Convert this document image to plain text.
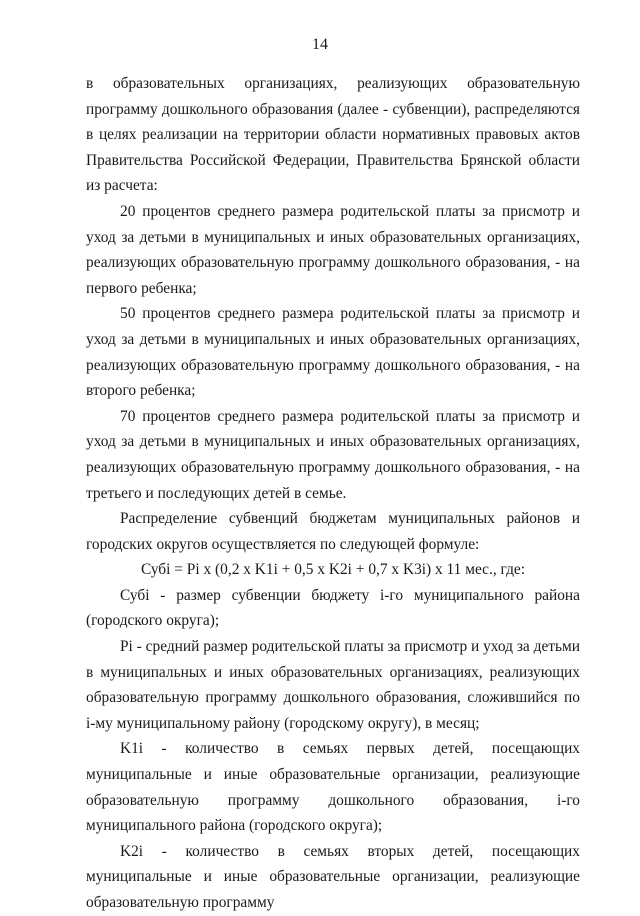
14

в образовательных организациях, реализующих образовательную программу дошкольного образования (далее - субвенции), распределяются в целях реализации на территории области нормативных правовых актов Правительства Российской Федерации, Правительства Брянской области из расчета:

20 процентов среднего размера родительской платы за присмотр и уход за детьми в муниципальных и иных образовательных организациях, реализующих образовательную программу дошкольного образования, - на первого ребенка;

50 процентов среднего размера родительской платы за присмотр и уход за детьми в муниципальных и иных образовательных организациях, реализующих образовательную программу дошкольного образования, - на второго ребенка;

70 процентов среднего размера родительской платы за присмотр и уход за детьми в муниципальных и иных образовательных организациях, реализующих образовательную программу дошкольного образования, - на третьего и последующих детей в семье.

Распределение субвенций бюджетам муниципальных районов и городских округов осуществляется по следующей формуле:

Субi = Pi x (0,2 x K1i + 0,5 x K2i + 0,7 x K3i) x 11 мес., где:

Субi - размер субвенции бюджету i-го муниципального района (городского округа);

Pi - средний размер родительской платы за присмотр и уход за детьми в муниципальных и иных образовательных организациях, реализующих образовательную программу дошкольного образования, сложившийся по i-му муниципальному району (городскому округу), в месяц;

K1i - количество в семьях первых детей, посещающих муниципальные и иные образовательные организации, реализующие образовательную программу дошкольного образования, i-го муниципального района (городского округа);

K2i - количество в семьях вторых детей, посещающих муниципальные и иные образовательные организации, реализующие образовательную программу
